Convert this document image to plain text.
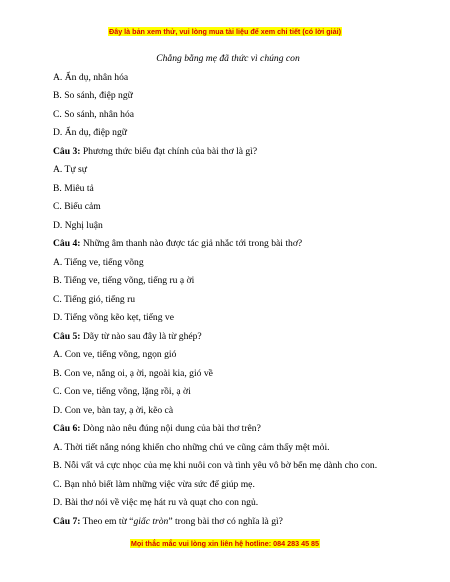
Đây là bản xem thử, vui lòng mua tài liệu để xem chi tiết (có lời giải)
Chẳng bằng mẹ đã thức vì chúng con
A. Ẩn dụ, nhân hóa
B. So sánh, điệp ngữ
C. So sánh, nhân hóa
D. Ẩn dụ, điệp ngữ
Câu 3: Phương thức biểu đạt chính của bài thơ là gì?
A. Tự sự
B. Miêu tả
C. Biểu cảm
D. Nghị luận
Câu 4: Những âm thanh nào được tác giả nhắc tới trong bài thơ?
A. Tiếng ve, tiếng võng
B. Tiếng ve, tiếng võng, tiếng ru ạ ời
C. Tiếng gió, tiếng ru
D. Tiếng võng kẽo kẹt, tiếng ve
Câu 5: Dãy từ nào sau đây là từ ghép?
A. Con ve, tiếng võng, ngọn gió
B. Con ve, nắng oi, ạ ời, ngoài kia, gió về
C. Con ve, tiếng võng, lặng rồi, ạ ời
D. Con ve, bàn tay, ạ ời, kẽo cà
Câu 6: Dòng nào nêu đúng nội dung của bài thơ trên?
A. Thời tiết nắng nóng khiến cho những chú ve cũng cảm thấy mệt mỏi.
B. Nỗi vất vả cực nhọc của mẹ khi nuôi con và tình yêu vô bờ bến mẹ dành cho con.
C. Bạn nhỏ biết làm những việc vừa sức để giúp mẹ.
D. Bài thơ nói về việc mẹ hát ru và quạt cho con ngủ.
Câu 7: Theo em từ “giấc tròn” trong bài thơ có nghĩa là gì?
Mọi thắc mắc vui lòng xin liên hệ hotline: 084 283 45 85
